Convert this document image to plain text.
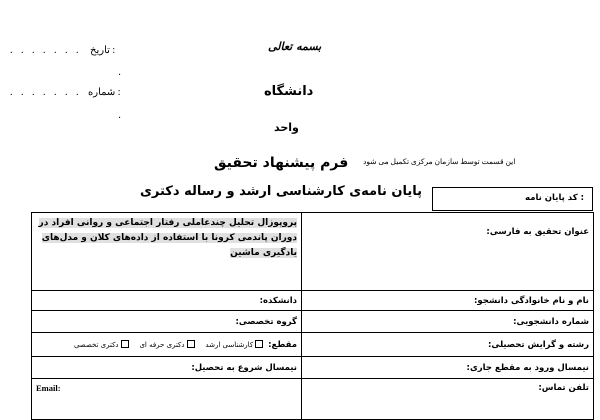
بسمه تعالی
دانشگاه
واحد
. . . . . . . تاریخ :
.
. . . . . . . شماره :
.
این قسمت توسط سازمان مرکزی تکمیل می شود
فرم پیشنهاد تحقیق
پایان نامه‌ی کارشناسی ارشد و رساله دکتری	کد پایان نامه :
پروپوزال تحلیل چندعاملی رفتار اجتماعی و روانی افراد در دوران پاندمی کرونا با استفاده از داده‌های کلان و مدل‌های یادگیری ماشین	عنوان تحقیق به فارسی:
دانشکده:	نام و نام خانوادگی دانشجو:
گروه تخصصی:	شماره دانشجویی:
مقطع: کارشناسی ارشد   دکتری حرفه ای   دکتری تخصصی	رشته و گرایش تحصیلی:
نیمسال شروع به تحصیل:	نیمسال ورود به مقطع جاری:
Email:	تلفن تماس:
